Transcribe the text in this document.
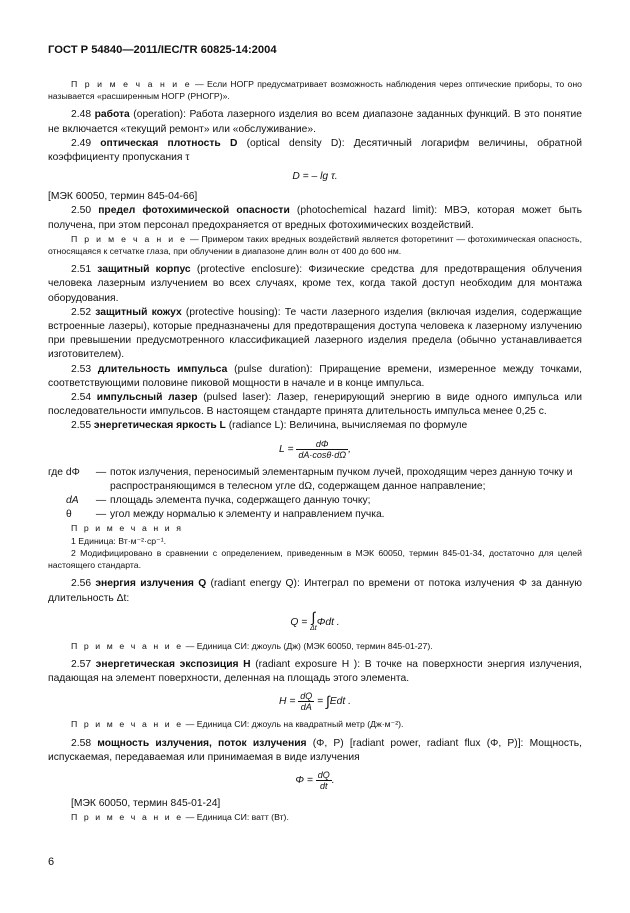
ГОСТ Р 54840—2011/IEC/TR 60825-14:2004

П р и м е ч а н и е — Если НОГР предусматривает возможность наблюдения через оптические приборы, то оно называется «расширенным НОГР (РНОГР)».

2.48 работа (operation): Работа лазерного изделия во всем диапазоне заданных функций. В это понятие не включается «текущий ремонт» или «обслуживание».

2.49 оптическая плотность D (optical density D): Десятичный логарифм величины, обратной коэффициенту пропускания τ

D = – lg τ.

[МЭК 60050, термин 845-04-66]

2.50 предел фотохимической опасности (photochemical hazard limit): МВЭ, которая может быть получена, при этом персонал предохраняется от вредных фотохимических воздействий.

П р и м е ч а н и е — Примером таких вредных воздействий является фоторетинит — фотохимическая опасность, относящаяся к сетчатке глаза, при облучении в диапазоне длин волн от 400 до 600 нм.

2.51 защитный корпус (protective enclosure): Физические средства для предотвращения облучения человека лазерным излучением во всех случаях, кроме тех, когда такой доступ необходим для монтажа оборудования.

2.52 защитный кожух (protective housing): Те части лазерного изделия (включая изделия, содержащие встроенные лазеры), которые предназначены для предотвращения доступа человека к лазерному излучению при превышении предусмотренного классификацией лазерного изделия предела (обычно устанавливается изготовителем).

2.53 длительность импульса (pulse duration): Приращение времени, измеренное между точками, соответствующими половине пиковой мощности в начале и в конце импульса.

2.54 импульсный лазер (pulsed laser): Лазер, генерирующий энергию в виде одного импульса или последовательности импульсов. В настоящем стандарте принята длительность импульса менее 0,25 с.

2.55 энергетическая яркость L (radiance L): Величина, вычисляемая по формуле

$L = \frac{d\Phi}{dA\cdot\cos\theta\cdot d\Omega}$ ,
где dΦ	—	поток излучения, переносимый элементарным пучком лучей, проходящим через данную точку и распространяющимся в телесном угле dΩ, содержащем данное направление;
dA	—	площадь элемента пучка, содержащего данную точку;
θ	—	угол между нормалью к элементу и направлением пучка.

П р и м е ч а н и я

1 Единица: Вт·м⁻²·ср⁻¹.

2 Модифицировано в сравнении с определением, приведенным в МЭК 60050, термин 845-01-34, достаточно для целей настоящего стандарта.

2.56 энергия излучения Q (radiant energy Q): Интеграл по времени от потока излучения Φ за данную длительность Δt:

Q = ∫
Δt
Φdt .

П р и м е ч а н и е — Единица СИ: джоуль (Дж) (МЭК 60050, термин 845-01-27).

2.57 энергетическая экспозиция H (radiant exposure H ): В точке на поверхности энергия излучения, падающая на элемент поверхности, деленная на площадь этого элемента.

$H = \frac{dQ}{dA}$ = ∫ Edt .

П р и м е ч а н и е — Единица СИ: джоуль на квадратный метр (Дж·м⁻²).

2.58 мощность излучения, поток излучения (Φ, P) [radiant power, radiant flux (Φ, P)]: Мощность, испускаемая, передаваемая или принимаемая в виде излучения

$\Phi = \frac{dQ}{dt}$ .

[МЭК 60050, термин 845-01-24]

П р и м е ч а н и е — Единица СИ: ватт (Вт).

6
